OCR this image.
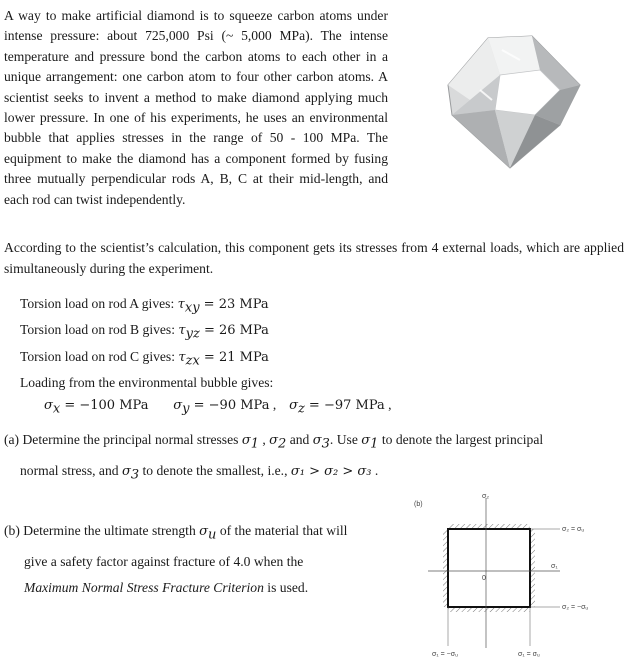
A way to make artificial diamond is to squeeze carbon atoms under intense pressure: about 725,000 Psi (~ 5,000 MPa). The intense temperature and pressure bond the carbon atoms to each other in a unique arrangement: one carbon atom to four other carbon atoms. A scientist seeks to invent a method to make diamond applying much lower pressure. In one of his experiments, he uses an environmental bubble that applies stresses in the range of 50 - 100 MPa. The equipment to make the diamond has a component formed by fusing three mutually perpendicular rods A, B, C at their mid-length, and each rod can twist independently.

According to the scientist’s calculation, this component gets its stresses from 4 external loads, which are applied simultaneously during the experiment.

Torsion load on rod A gives: $\tau_{xy} = 23$ MPa
Torsion load on rod B gives: $\tau_{yz} = 26$ MPa
Torsion load on rod C gives: $\tau_{zx} = 21$ MPa
Loading from the environmental bubble gives:
$\sigma_x = -100$ MPa $\sigma_y = -90$ MPa , $\sigma_z = -97$ MPa ,
(a) Determine the principal normal stresses $\sigma_1$ , $\sigma_2$ and $\sigma_3$. Use $\sigma_1$ to denote the largest principal
normal stress, and $\sigma_3$ to denote the smallest, i.e., σ₁ > σ₂ > σ₃ .
(b) Determine the ultimate strength $\sigma_u$ of the material that will
give a safety factor against fracture of 4.0 when the
Maximum Normal Stress Fracture Criterion is used.
(b)
σ₂
σ₁
0
σ₂ = σᵤ
σ₂ = −σᵤ
σ₁ = −σᵤ	σ₁ = σᵤ
